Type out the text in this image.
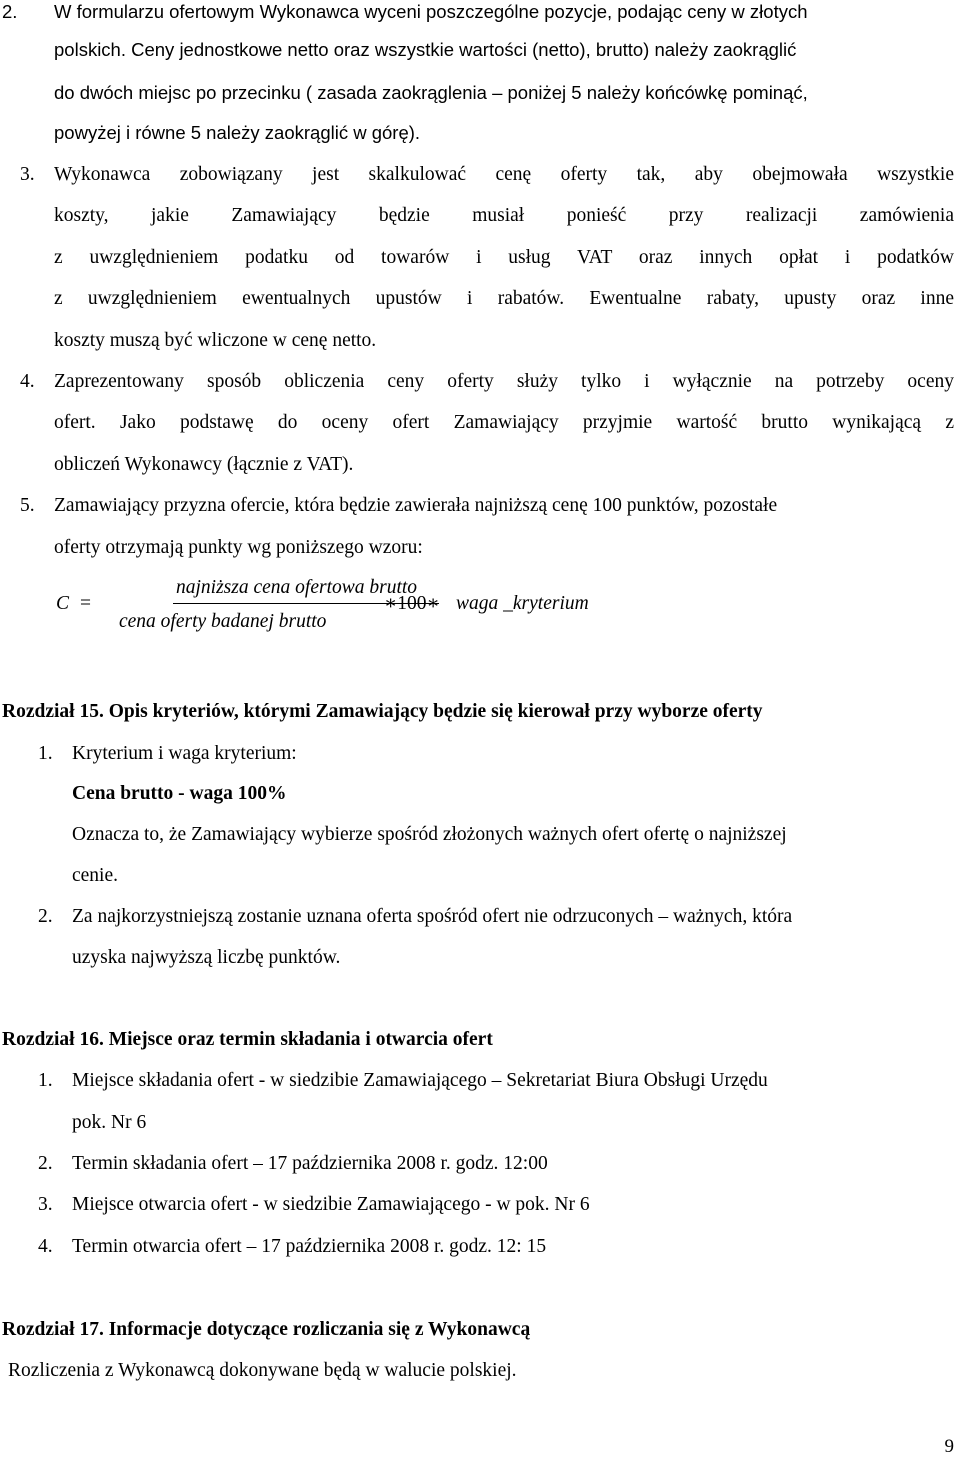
2. W formularzu ofertowym Wykonawca wyceni poszczególne pozycje, podając ceny w złotych
polskich. Ceny jednostkowe netto oraz wszystkie wartości (netto), brutto) należy zaokrąglić
do dwóch miejsc po przecinku ( zasada zaokrąglenia – poniżej 5 należy końcówkę pominąć,
powyżej i równe 5 należy zaokrąglić w górę).
3. Wykonawca zobowiązany jest skalkulować cenę oferty tak, aby obejmowała wszystkie
koszty, jakie Zamawiający będzie musiał ponieść przy realizacji zamówienia
z uwzględnieniem podatku od towarów i usług VAT oraz innych opłat i podatków
z uwzględnieniem ewentualnych upustów i rabatów. Ewentualne rabaty, upusty oraz inne
koszty muszą być wliczone w cenę netto.
4. Zaprezentowany sposób obliczenia ceny oferty służy tylko i wyłącznie na potrzeby oceny
ofert. Jako podstawę do oceny ofert Zamawiający przyjmie wartość brutto wynikającą z
obliczeń Wykonawcy (łącznie z VAT).
5. Zamawiający przyzna ofercie, która będzie zawierała najniższą cenę 100 punktów, pozostałe
oferty otrzymają punkty wg poniższego wzoru:
C =
najniższa cena ofertowa brutto
cena oferty badanej brutto
∗100∗ waga _kryterium
Rozdział 15. Opis kryteriów, którymi Zamawiający będzie się kierował przy wyborze oferty
1. Kryterium i waga kryterium:
Cena brutto - waga 100%
Oznacza to, że Zamawiający wybierze spośród złożonych ważnych ofert ofertę o najniższej
cenie.
2. Za najkorzystniejszą zostanie uznana oferta spośród ofert nie odrzuconych – ważnych, która
uzyska najwyższą liczbę punktów.
Rozdział 16. Miejsce oraz termin składania i otwarcia ofert
1. Miejsce składania ofert - w siedzibie Zamawiającego – Sekretariat Biura Obsługi Urzędu
pok. Nr 6
2. Termin składania ofert – 17 października 2008 r. godz. 12:00
3. Miejsce otwarcia ofert - w siedzibie Zamawiającego - w pok. Nr 6
4. Termin otwarcia ofert – 17 października 2008 r. godz. 12: 15
Rozdział 17. Informacje dotyczące rozliczania się z Wykonawcą
Rozliczenia z Wykonawcą dokonywane będą w walucie polskiej.
9
